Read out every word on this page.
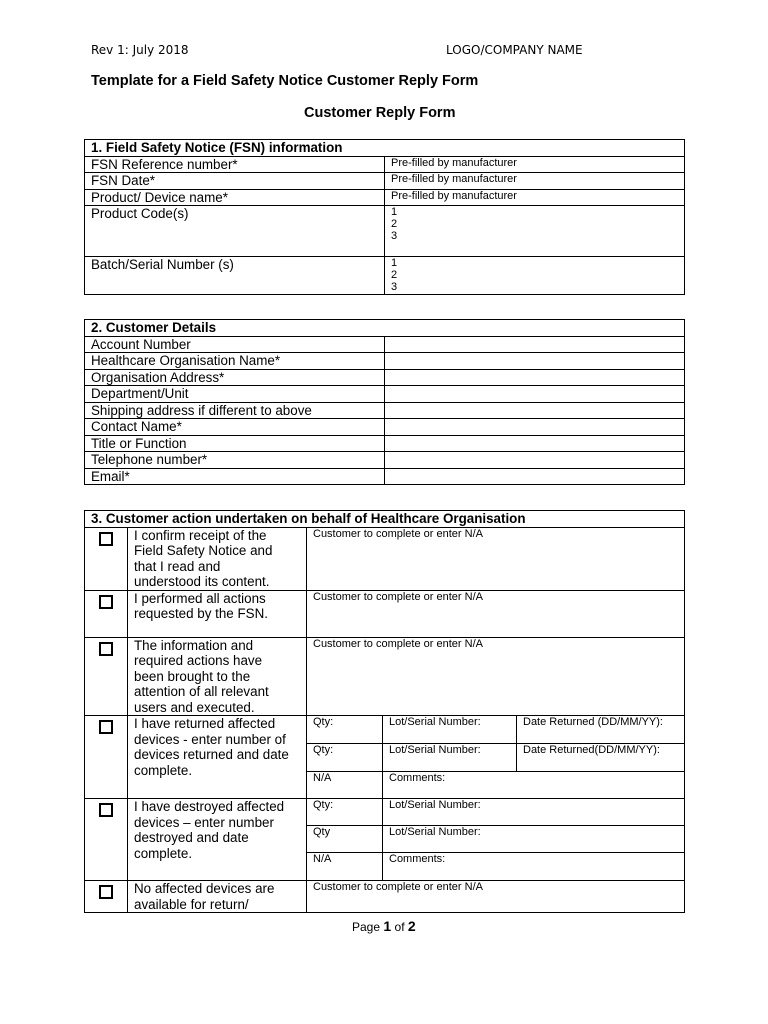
Rev 1: July 2018	LOGO/COMPANY NAME
Template for a Field Safety Notice Customer Reply Form
Customer Reply Form
1. Field Safety Notice (FSN) information	
FSN Reference number*	Pre-filled by manufacturer
FSN Date*	Pre-filled by manufacturer
Product/ Device name*	Pre-filled by manufacturer
Product Code(s)	1
2
3

Batch/Serial Number (s)	1
2
3
2. Customer Details	
Account Number	
Healthcare Organisation Name*	
Organisation Address*	
Department/Unit	
Shipping address if different to above	
Contact Name*	
Title or Function	
Telephone number*	
Email*	
3. Customer action undertaken on behalf of Healthcare Organisation				

	I confirm receipt of the
Field Safety Notice and
that I read and
understood its content.	Customer to complete or enter N/A		

	I performed all actions
requested by the FSN.	Customer to complete or enter N/A		

	The information and
required actions have
been brought to the
attention of all relevant
users and executed.	Customer to complete or enter N/A		

	I have returned affected
devices - enter number of
devices returned and date
complete.	Qty:	Lot/Serial Number:	Date Returned (DD/MM/YY):
		Qty:	Lot/Serial Number:	Date Returned(DD/MM/YY):
		N/A	Comments:	

	I have destroyed affected
devices – enter number
destroyed and date
complete.	Qty:	Lot/Serial Number:	
		Qty	Lot/Serial Number:	
		N/A	Comments:	

	No affected devices are
available for return/	Customer to complete or enter N/A		
Page 1 of 2
